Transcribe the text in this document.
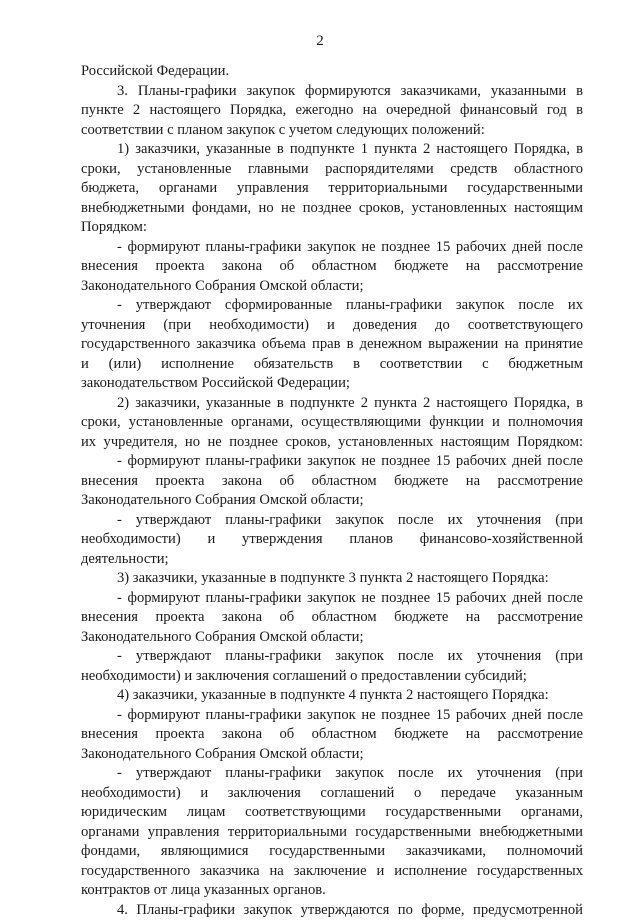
2
Российской Федерации.
3. Планы-графики закупок формируются заказчиками, указанными в
пункте 2 настоящего Порядка, ежегодно на очередной финансовый год в
соответствии с планом закупок с учетом следующих положений:
1) заказчики, указанные в подпункте 1 пункта 2 настоящего Порядка, в
сроки, установленные главными распорядителями средств областного
бюджета, органами управления территориальными государственными
внебюджетными фондами, но не позднее сроков, установленных настоящим
Порядком:
- формируют планы-графики закупок не позднее 15 рабочих дней после
внесения проекта закона об областном бюджете на рассмотрение
Законодательного Собрания Омской области;
- утверждают сформированные планы-графики закупок после их
уточнения (при необходимости) и доведения до соответствующего
государственного заказчика объема прав в денежном выражении на принятие
и (или) исполнение обязательств в соответствии с бюджетным
законодательством Российской Федерации;
2) заказчики, указанные в подпункте 2 пункта 2 настоящего Порядка, в
сроки, установленные органами, осуществляющими функции и полномочия
их учредителя, но не позднее сроков, установленных настоящим Порядком:
- формируют планы-графики закупок не позднее 15 рабочих дней после
внесения проекта закона об областном бюджете на рассмотрение
Законодательного Собрания Омской области;
- утверждают планы-графики закупок после их уточнения (при
необходимости) и утверждения планов финансово-хозяйственной
деятельности;
3) заказчики, указанные в подпункте 3 пункта 2 настоящего Порядка:
- формируют планы-графики закупок не позднее 15 рабочих дней после
внесения проекта закона об областном бюджете на рассмотрение
Законодательного Собрания Омской области;
- утверждают планы-графики закупок после их уточнения (при
необходимости) и заключения соглашений о предоставлении субсидий;
4) заказчики, указанные в подпункте 4 пункта 2 настоящего Порядка:
- формируют планы-графики закупок не позднее 15 рабочих дней после
внесения проекта закона об областном бюджете на рассмотрение
Законодательного Собрания Омской области;
- утверждают планы-графики закупок после их уточнения (при
необходимости) и заключения соглашений о передаче указанным
юридическим лицам соответствующими государственными органами,
органами управления территориальными государственными внебюджетными
фондами, являющимися государственными заказчиками, полномочий
государственного заказчика на заключение и исполнение государственных
контрактов от лица указанных органов.
4. Планы-графики закупок утверждаются по форме, предусмотренной
